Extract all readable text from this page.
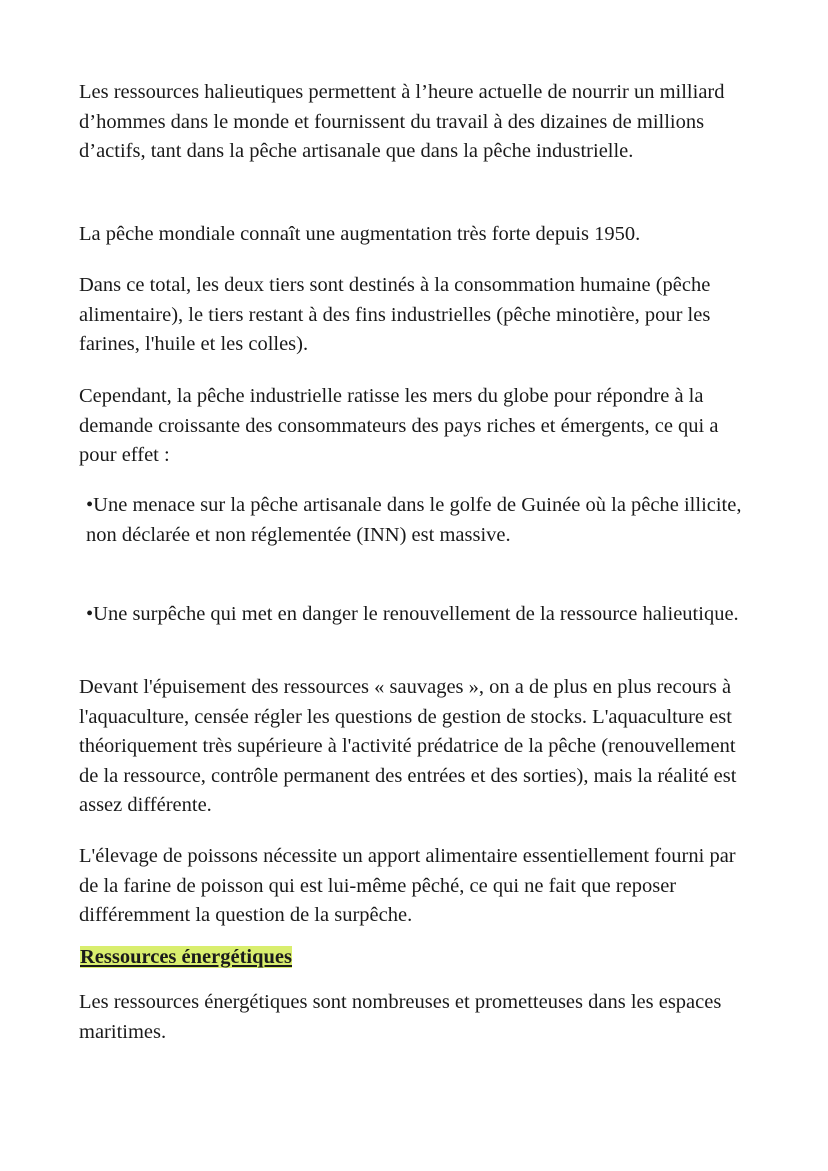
Les ressources halieutiques permettent à l’heure actuelle de nourrir un milliard d’hommes dans le monde et fournissent du travail à des dizaines de millions d’actifs, tant dans la pêche artisanale que dans la pêche industrielle.

La pêche mondiale connaît une augmentation très forte depuis 1950.

Dans ce total, les deux tiers sont destinés à la consommation humaine (pêche alimentaire), le tiers restant à des fins industrielles (pêche minotière, pour les farines, l'huile et les colles).

Cependant, la pêche industrielle ratisse les mers du globe pour répondre à la demande croissante des consommateurs des pays riches et émergents, ce qui a pour effet :

•Une menace sur la pêche artisanale dans le golfe de Guinée où la pêche illicite, non déclarée et non réglementée (INN) est massive.

•Une surpêche qui met en danger le renouvellement de la ressource halieutique.

Devant l'épuisement des ressources « sauvages », on a de plus en plus recours à l'aquaculture, censée régler les questions de gestion de stocks. L'aquaculture est théoriquement très supérieure à l'activité prédatrice de la pêche (renouvellement de la ressource, contrôle permanent des entrées et des sorties), mais la réalité est assez différente.

L'élevage de poissons nécessite un apport alimentaire essentiellement fourni par de la farine de poisson qui est lui-même pêché, ce qui ne fait que reposer différemment la question de la surpêche.

Ressources énergétiques

Les ressources énergétiques sont nombreuses et prometteuses dans les espaces maritimes.
